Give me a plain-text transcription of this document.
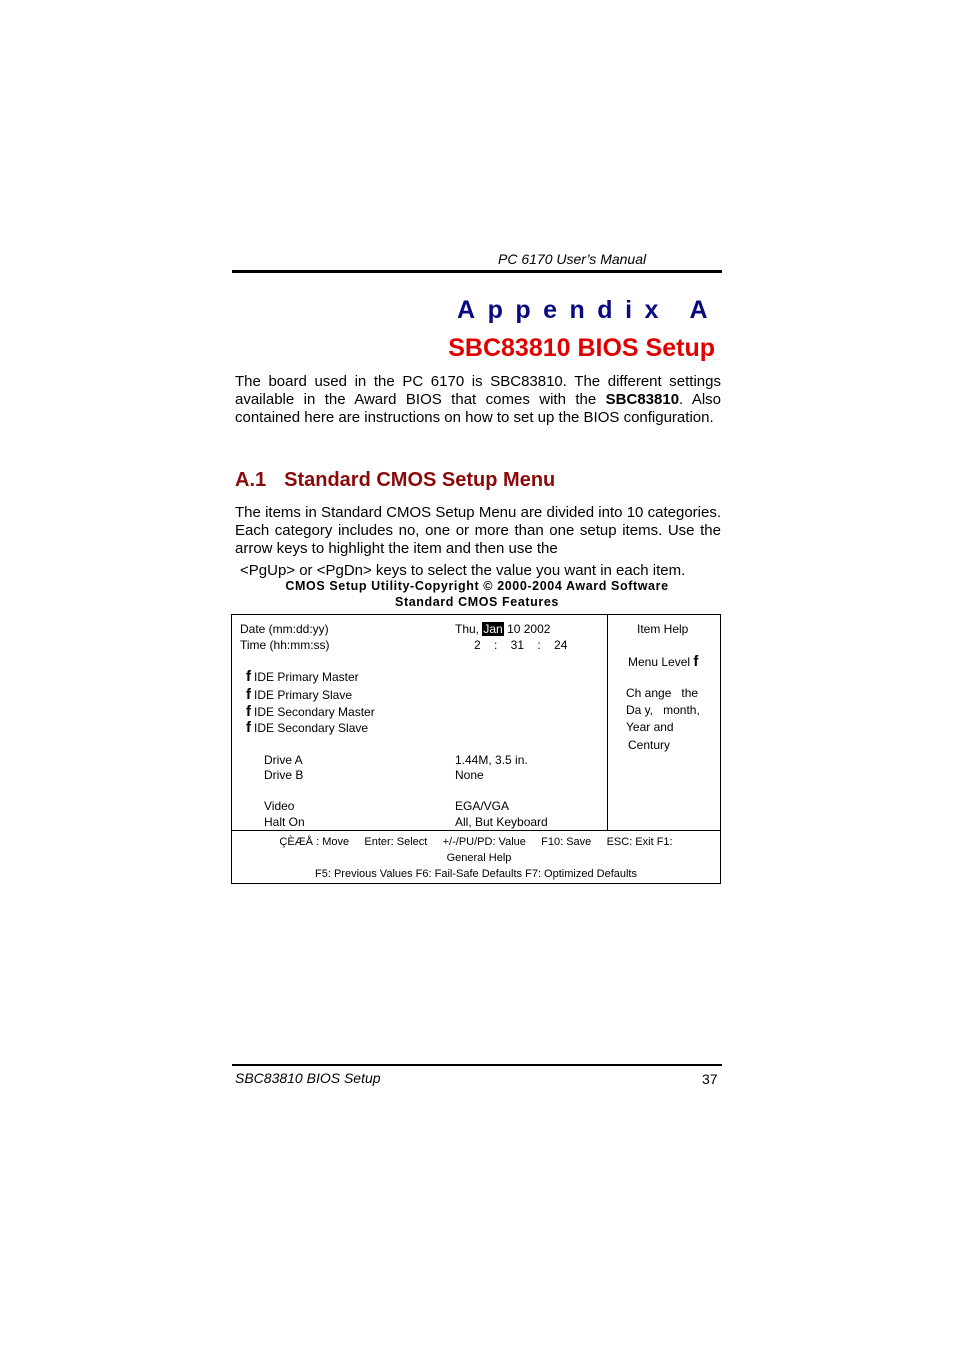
PC 6170 User’s Manual
Appendix A
SBC83810 BIOS Setup

The board used in the PC 6170 is SBC83810. The different settings available in the Award BIOS that comes with the SBC83810. Also contained here are instructions on how to set up the BIOS configuration.

A.1 Standard CMOS Setup Menu

The items in Standard CMOS Setup Menu are divided into 10 categories. Each category includes no, one or more than one setup items. Use the arrow keys to highlight the item and then use the

<PgUp> or <PgDn> keys to select the value you want in each item.
CMOS Setup Utility-Copyright © 2000-2004 Award Software
Standard CMOS Features
Date (mm:dd:yy)	Thu, Jan 10 2002
Time (hh:mm:ss)	2    :    31    :    24
f IDE Primary Master
f IDE Primary Slave
f IDE Secondary Master
f IDE Secondary Slave
Drive A	1.44M, 3.5 in.
Drive B	None
Video	EGA/VGA
Halt On	All, But Keyboard
Item Help
Menu Level f
Ch ange   the
Da y,   month,
Year and
Century
ÇÈÆÅ : Move     Enter: Select     +/-/PU/PD: Value     F10: Save     ESC: Exit F1:
General Help
F5: Previous Values F6: Fail-Safe Defaults F7: Optimized Defaults
SBC83810 BIOS Setup	37
